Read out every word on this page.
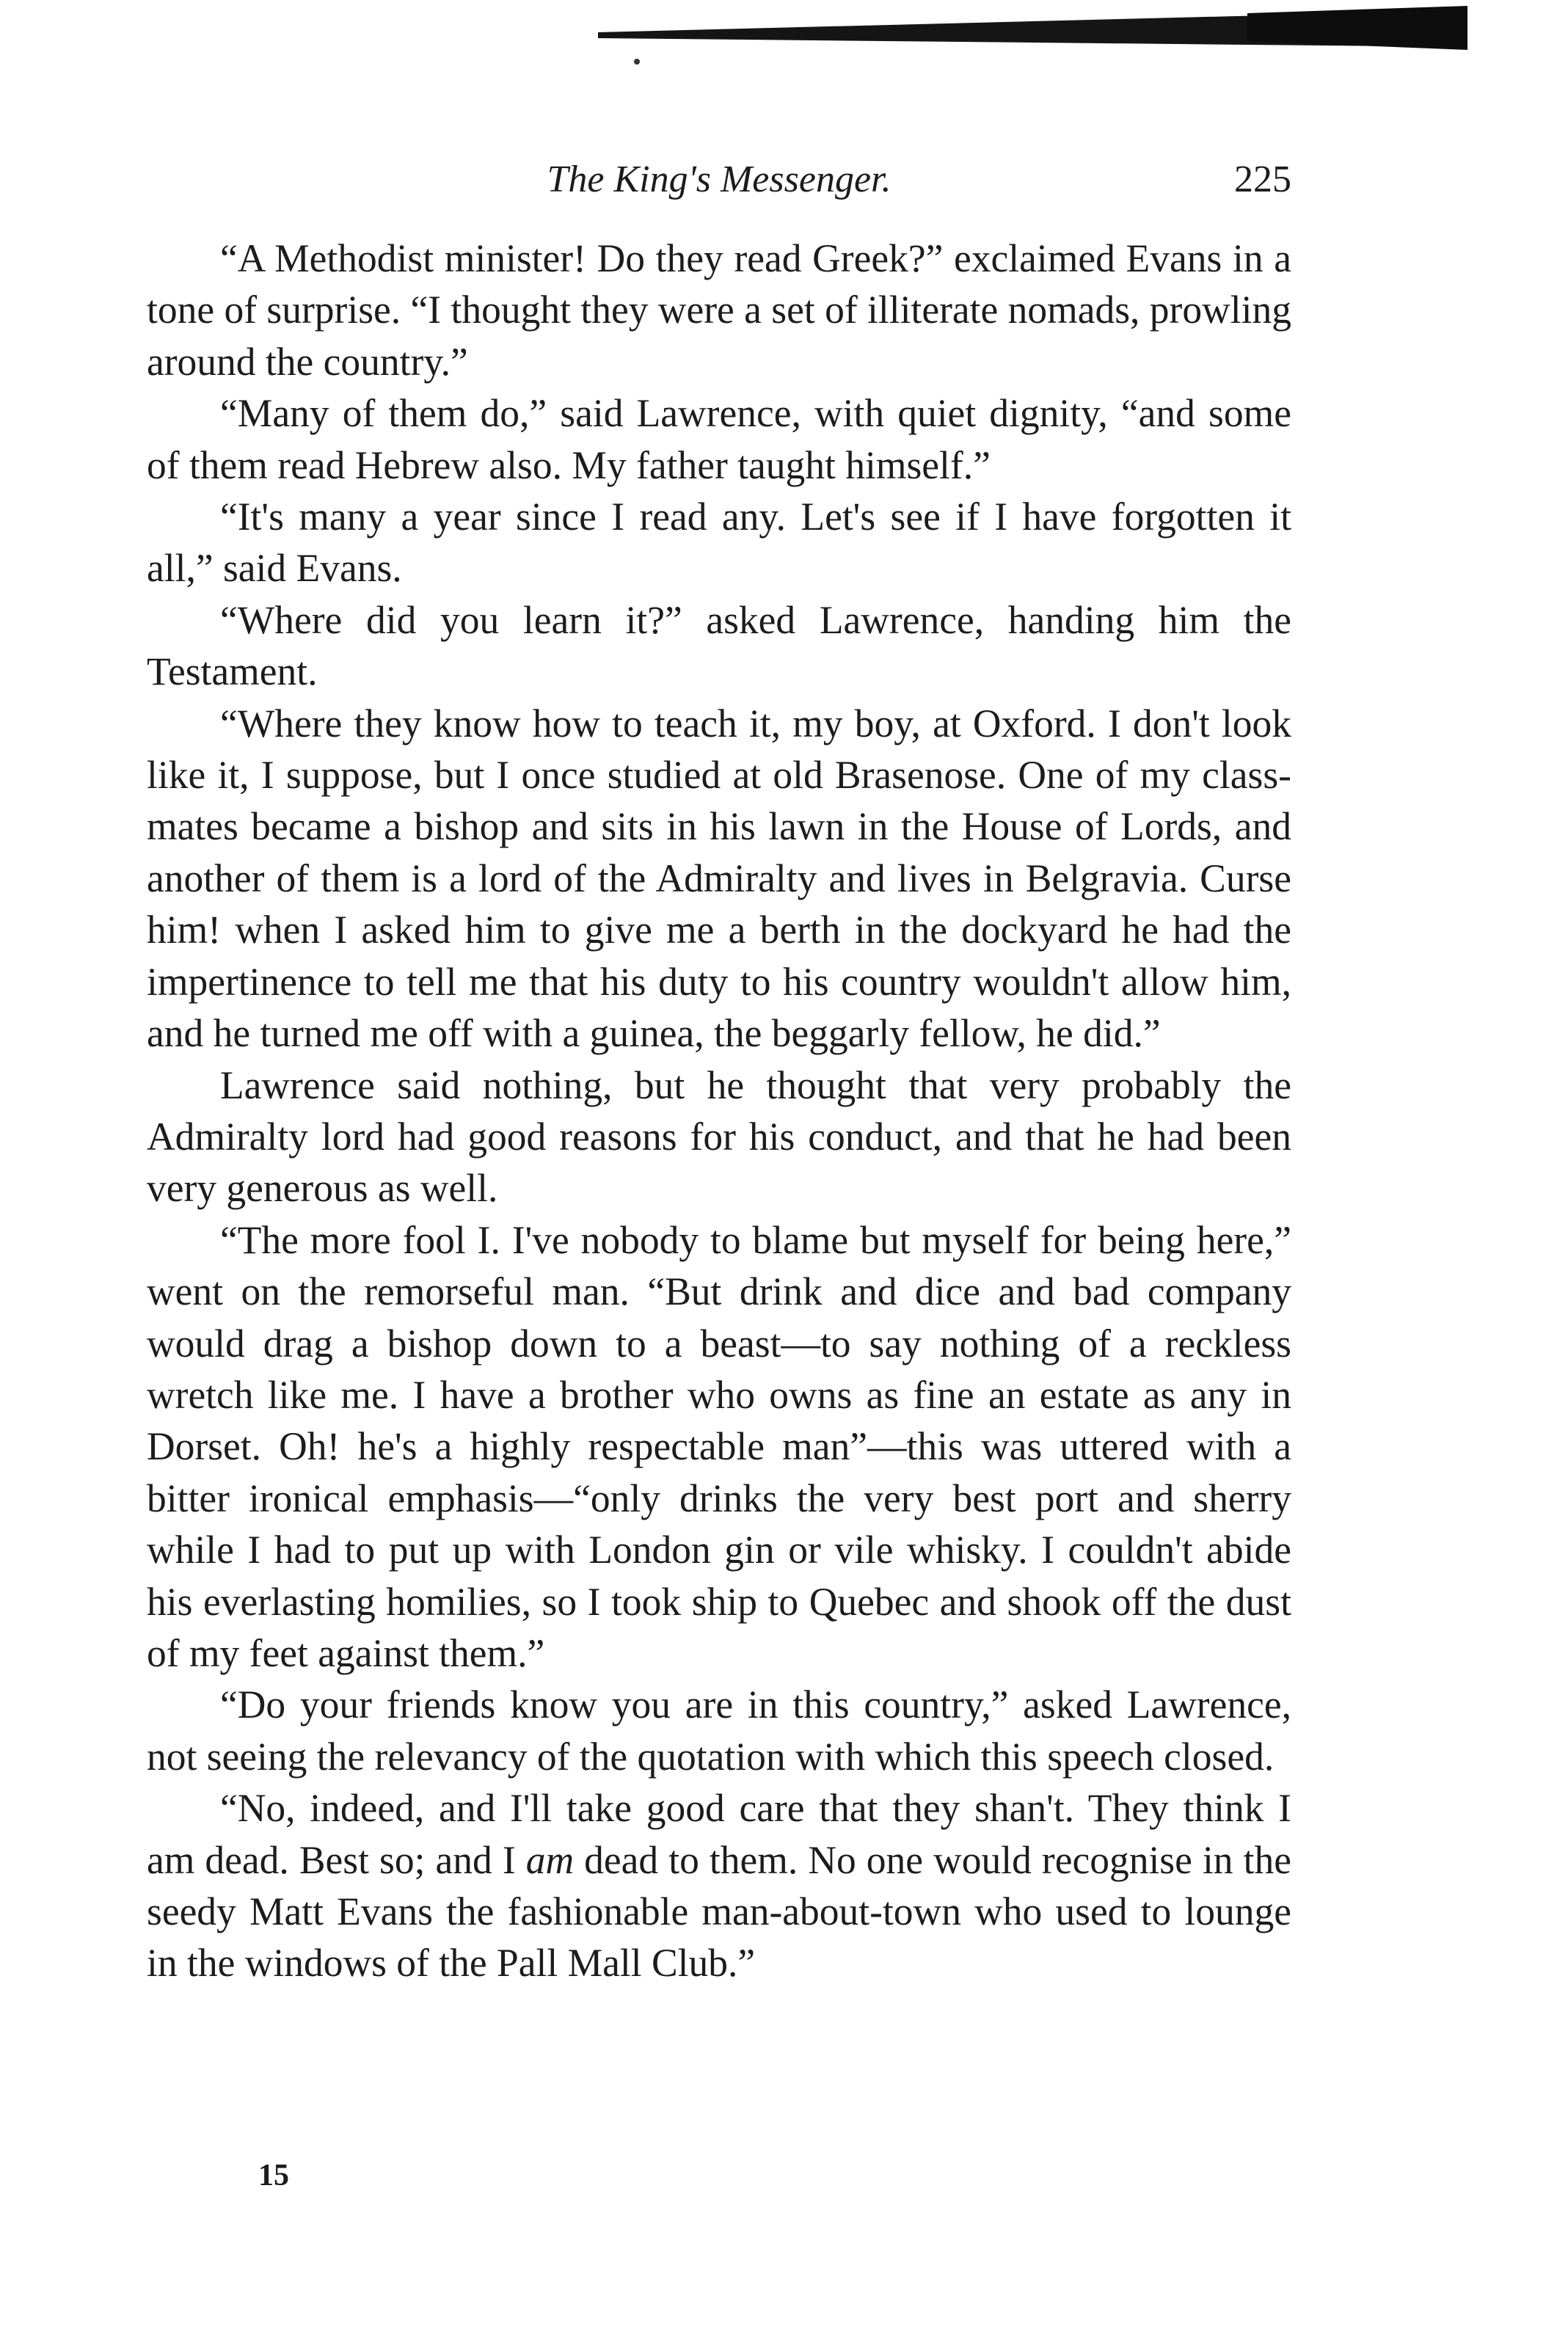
The King's Messenger.	225

“A Methodist minister! Do they read Greek?” exclaimed Evans in a tone of surprise. “I thought they were a set of illiterate nomads, prowling around the country.”

“Many of them do,” said Lawrence, with quiet dignity, “and some of them read Hebrew also. My father taught himself.”

“It's many a year since I read any. Let's see if I have forgotten it all,” said Evans.

“Where did you learn it?” asked Lawrence, handing him the Testament.

“Where they know how to teach it, my boy, at Oxford. I don't look like it, I suppose, but I once studied at old Brasenose. One of my class-mates became a bishop and sits in his lawn in the House of Lords, and another of them is a lord of the Admiralty and lives in Belgravia. Curse him! when I asked him to give me a berth in the dockyard he had the impertinence to tell me that his duty to his country wouldn't allow him, and he turned me off with a guinea, the beggarly fellow, he did.”

Lawrence said nothing, but he thought that very probably the Admiralty lord had good reasons for his conduct, and that he had been very generous as well.

“The more fool I. I've nobody to blame but myself for being here,” went on the remorseful man. “But drink and dice and bad company would drag a bishop down to a beast—to say nothing of a reckless wretch like me. I have a brother who owns as fine an estate as any in Dorset. Oh! he's a highly respectable man”—this was uttered with a bitter ironical emphasis—“only drinks the very best port and sherry while I had to put up with London gin or vile whisky. I couldn't abide his everlasting homilies, so I took ship to Quebec and shook off the dust of my feet against them.”

“Do your friends know you are in this country,” asked Lawrence, not seeing the relevancy of the quotation with which this speech closed.

“No, indeed, and I'll take good care that they shan't. They think I am dead. Best so; and I am dead to them. No one would recognise in the seedy Matt Evans the fashionable man-about-town who used to lounge in the windows of the Pall Mall Club.”

15
